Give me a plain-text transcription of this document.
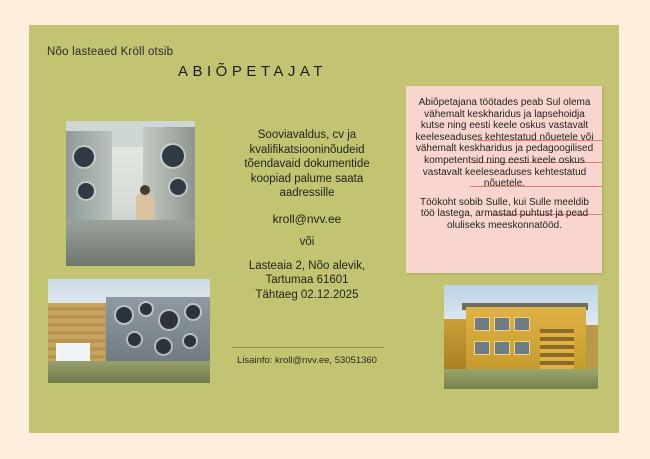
Nõo lasteaed Kröll otsib
ABIÕPETAJAT
Sooviavaldus, cv ja
kvalifikatsiooninõudeid
tõendavaid dokumentide
koopiad palume saata
aadressille
kroll@nvv.ee
või
Lasteaia 2, Nõo alevik,
Tartumaa 61601
Tähtaeg 02.12.2025
Lisainfo: kroll@nvv.ee, 53051360

Abiõpetajana töötades peab Sul olema vähemalt keskharidus ja lapsehoidja kutse ning eesti keele oskus vastavalt keeleseaduses kehtestatud nõuetele või vähemalt keskharidus ja pedagoogilised kompetentsid ning eesti keele oskus vastavalt keeleseaduses kehtestatud nõuetele.

Töökoht sobib Sulle, kui Sulle meeldib töö lastega, armastad puhtust ja pead oluliseks meeskonnatööd.
